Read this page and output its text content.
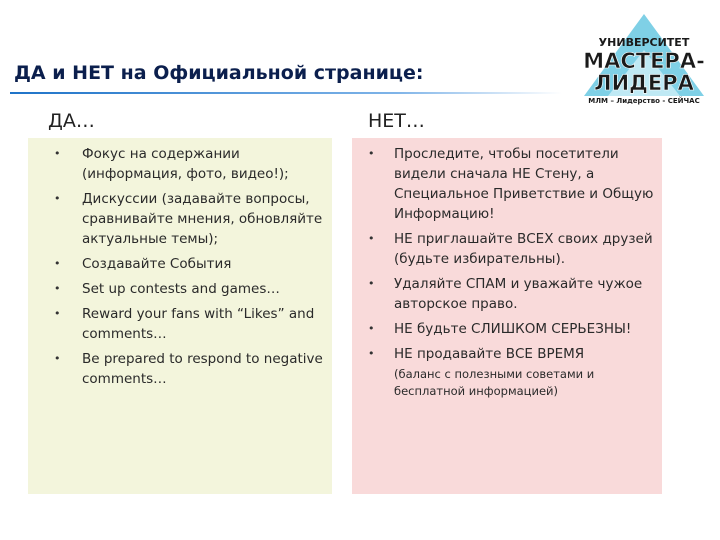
УНИВЕРСИТЕТ
МАСТЕРА-
ЛИДЕРА
МЛМ – Лидерство - СЕЙЧАС
ДА и НЕТ на Официальной странице:
ДА…	НЕТ…
• Фокус на содержании (информация, фото, видео!);
• Дискуссии (задавайте вопросы, сравнивайте мнения, обновляйте актуальные темы);
• Создавайте События
• Set up contests and games…
• Reward your fans with “Likes” and comments…
• Be prepared to respond to negative comments…
• Проследите, чтобы посетители видели сначала НЕ Стену, а Специальное Приветствие и Общую Информацию!
• НЕ приглашайте ВСЕХ своих друзей (будьте избирательны).
• Удаляйте СПАМ и уважайте чужое авторское право.
• НЕ будьте СЛИШКОМ СЕРЬЕЗНЫ!
• НЕ продавайте ВСЕ ВРЕМЯ
(баланс с полезными советами и бесплатной информацией)
